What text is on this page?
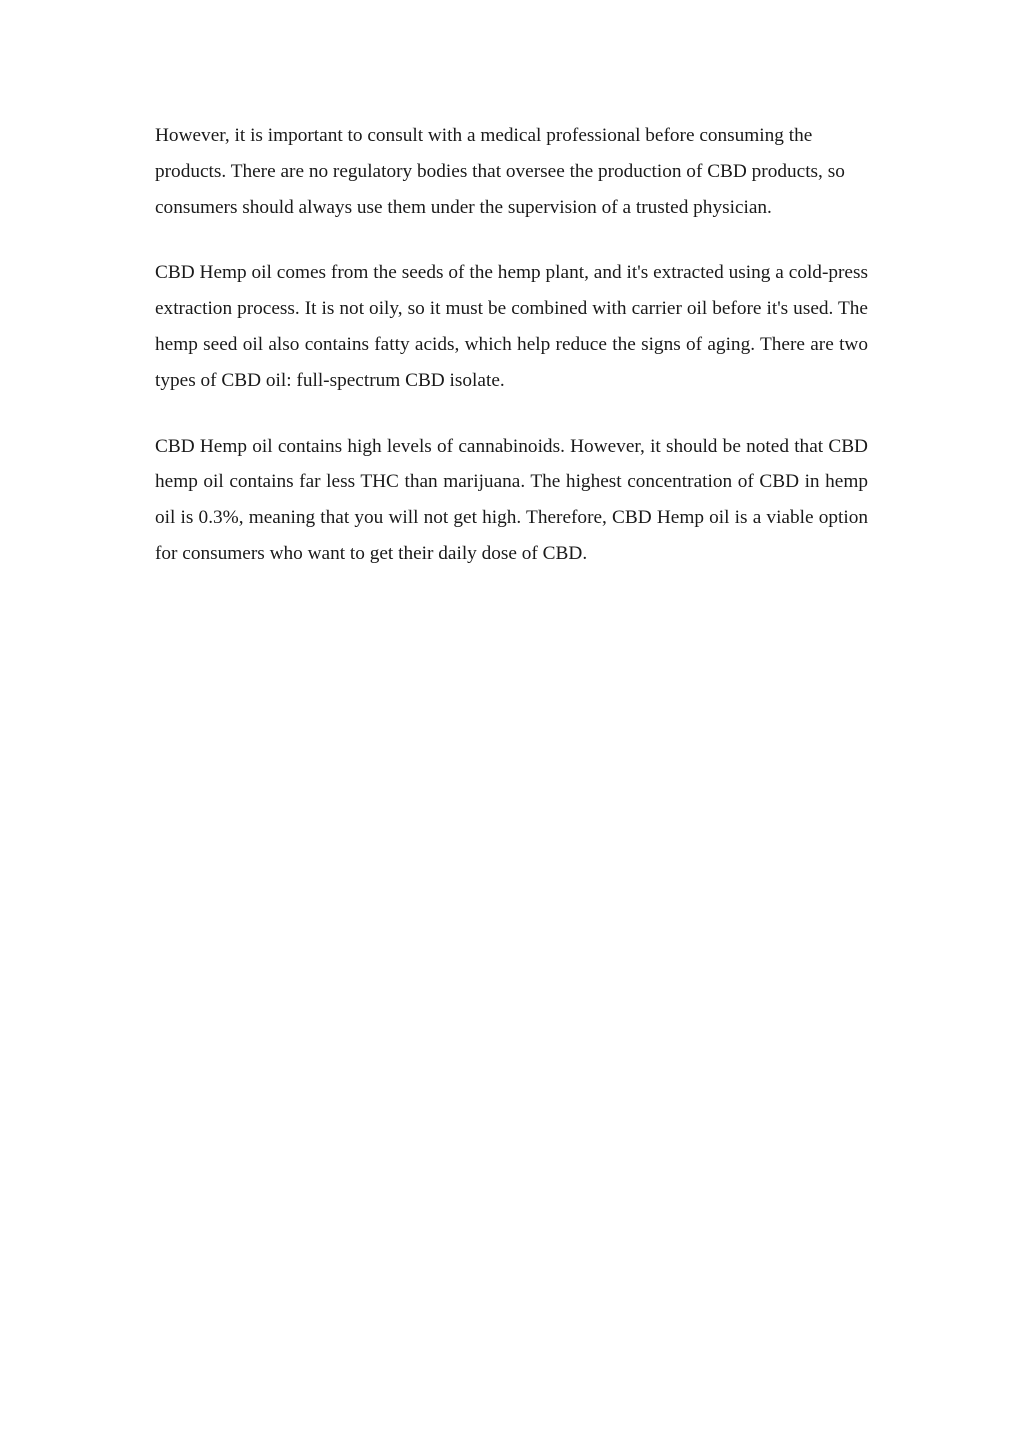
However, it is important to consult with a medical professional before consuming the products. There are no regulatory bodies that oversee the production of CBD products, so consumers should always use them under the supervision of a trusted physician.

CBD Hemp oil comes from the seeds of the hemp plant, and it's extracted using a cold-press extraction process. It is not oily, so it must be combined with carrier oil before it's used. The hemp seed oil also contains fatty acids, which help reduce the signs of aging. There are two types of CBD oil: full-spectrum CBD isolate.

CBD Hemp oil contains high levels of cannabinoids. However, it should be noted that CBD hemp oil contains far less THC than marijuana. The highest concentration of CBD in hemp oil is 0.3%, meaning that you will not get high. Therefore, CBD Hemp oil is a viable option for consumers who want to get their daily dose of CBD.
